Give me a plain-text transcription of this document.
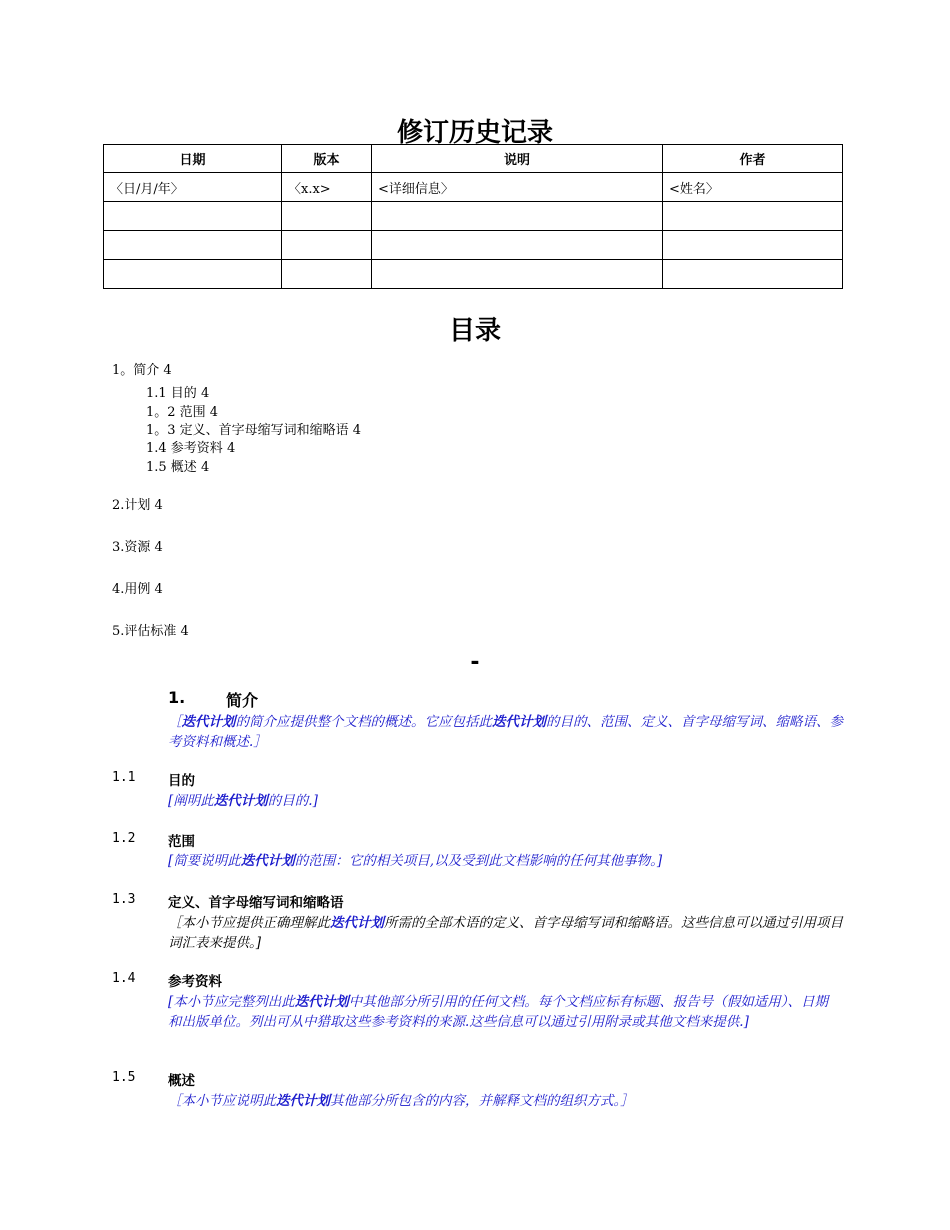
修订历史记录
日期	版本	说明	作者
〈日/月/年〉	〈x.x>	<详细信息〉	<姓名〉

目录
1。简介 4
1.1 目的 4
1。2 范围 4
1。3 定义、首字母缩写词和缩略语 4
1.4 参考资料 4
1.5 概述 4
2.计划 4
3.资源 4
4.用例 4
5.评估标准 4
-
1.	简介
［迭代计划的简介应提供整个文档的概述。它应包括此迭代计划的目的、范围、定义、首字母缩写词、缩略语、参考资料和概述.］
1.1 目的
[阐明此迭代计划的目的.]
1.2 范围
[简要说明此迭代计划的范围：它的相关项目,以及受到此文档影响的任何其他事物。]
1.3 定义、首字母缩写词和缩略语
［本小节应提供正确理解此迭代计划所需的全部术语的定义、首字母缩写词和缩略语。这些信息可以通过引用项目词汇表来提供。]
1.4 参考资料
[本小节应完整列出此迭代计划中其他部分所引用的任何文档。每个文档应标有标题、报告号（假如适用）、日期和出版单位。列出可从中猎取这些参考资料的来源.这些信息可以通过引用附录或其他文档来提供.]
1.5 概述
［本小节应说明此迭代计划其他部分所包含的内容，并解释文档的组织方式。］
